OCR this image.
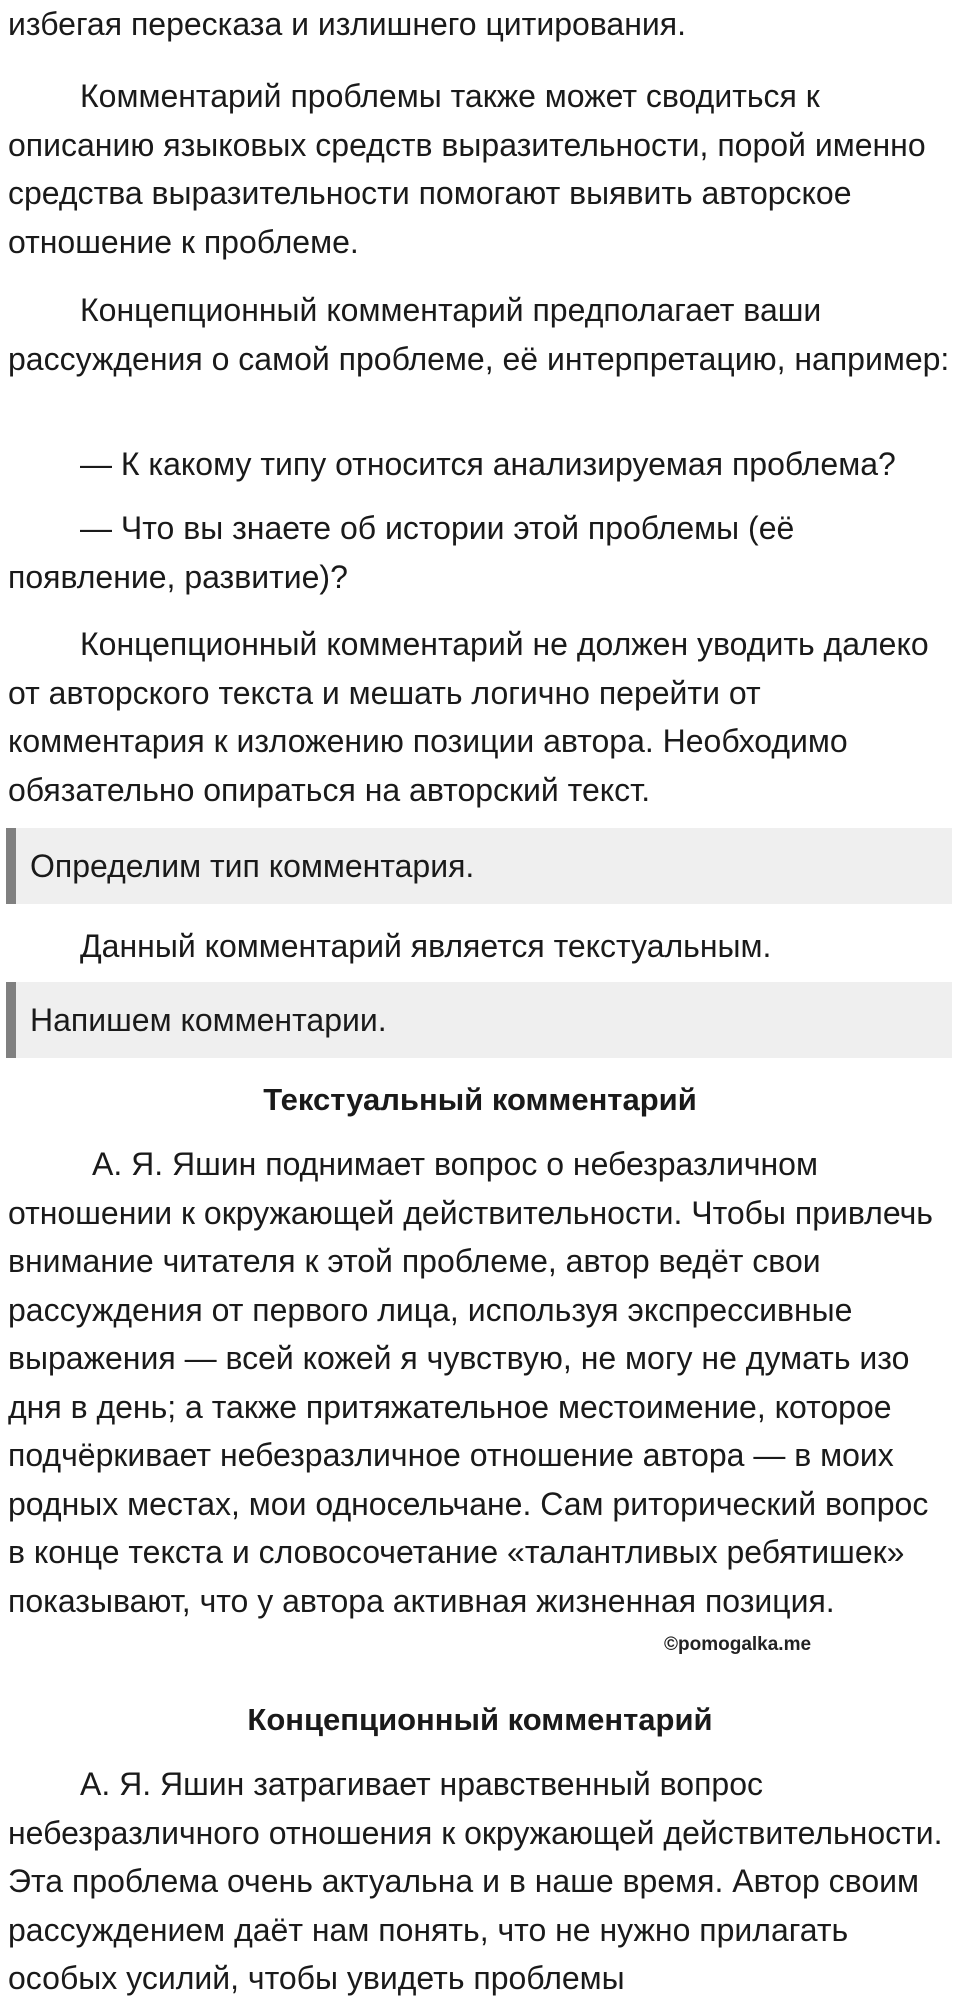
избегая пересказа и излишнего цитирования.

Комментарий проблемы также может сводиться к описанию языковых средств выразительности, порой именно средства выразительности помогают выявить авторское отношение к проблеме.

Концепционный комментарий предполагает ваши рассуждения о самой проблеме, её интерпретацию, например:

— К какому типу относится анализируемая проблема?

— Что вы знаете об истории этой проблемы (её появление, развитие)?

Концепционный комментарий не должен уводить далеко от авторского текста и мешать логично перейти от комментария к изложению позиции автора. Необходимо обязательно опираться на авторский текст.

Определим тип комментария.

Данный комментарий является текстуальным.

Напишем комментарии.
Текстуальный комментарий

А. Я. Яшин поднимает вопрос о небезразличном отношении к окружающей действительности. Чтобы привлечь внимание читателя к этой проблеме, автор ведёт свои рассуждения от первого лица, используя экспрессивные выражения — всей кожей я чувствую, не могу не думать изо дня в день; а также притяжательное местоимение, которое подчёркивает небезразличное отношение автора — в моих родных местах, мои односельчане. Сам риторический вопрос в конце текста и словосочетание «талантливых ребятишек» показывают, что у автора активная жизненная позиция.

Концепционный комментарий

А. Я. Яшин затрагивает нравственный вопрос небезразличного отношения к окружающей действительности. Эта проблема очень актуальна и в наше время. Автор своим рассуждением даёт нам понять, что не нужно прилагать особых усилий, чтобы увидеть проблемы

©pomogalka.me
